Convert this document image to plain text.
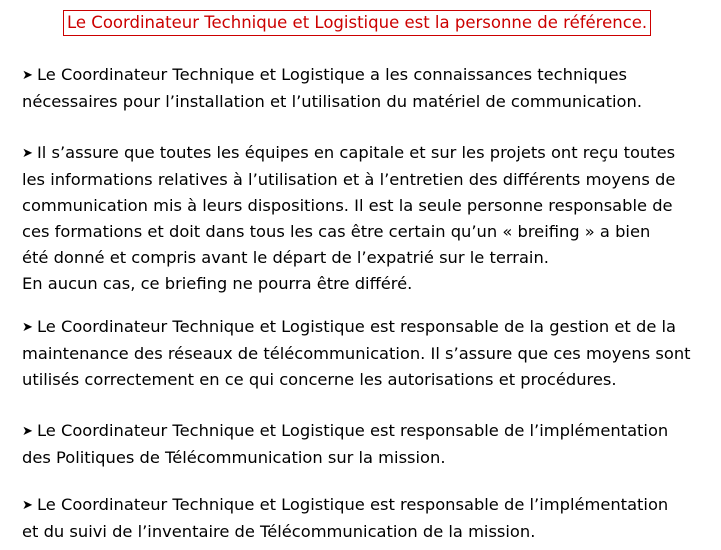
Le Coordinateur Technique et Logistique est la personne de référence.
➤ Le Coordinateur Technique et Logistique a les connaissances techniques
nécessaires pour l’installation et l’utilisation du matériel de communication.
➤ Il s’assure que toutes les équipes en capitale et sur les projets ont reçu toutes
les informations relatives à l’utilisation et à l’entretien des différents moyens de
communication mis à leurs dispositions. Il est la seule personne responsable de
ces formations et doit dans tous les cas être certain qu’un « breifing » a bien
été donné et compris avant le départ de l’expatrié sur le terrain.
En aucun cas, ce briefing ne pourra être différé.
➤ Le Coordinateur Technique et Logistique est responsable de la gestion et de la
maintenance des réseaux de télécommunication. Il s’assure que ces moyens sont
utilisés correctement en ce qui concerne les autorisations et procédures.
➤ Le Coordinateur Technique et Logistique est responsable de l’implémentation
des Politiques de Télécommunication sur la mission.
➤ Le Coordinateur Technique et Logistique est responsable de l’implémentation
et du suivi de l’inventaire de Télécommunication de la mission.
